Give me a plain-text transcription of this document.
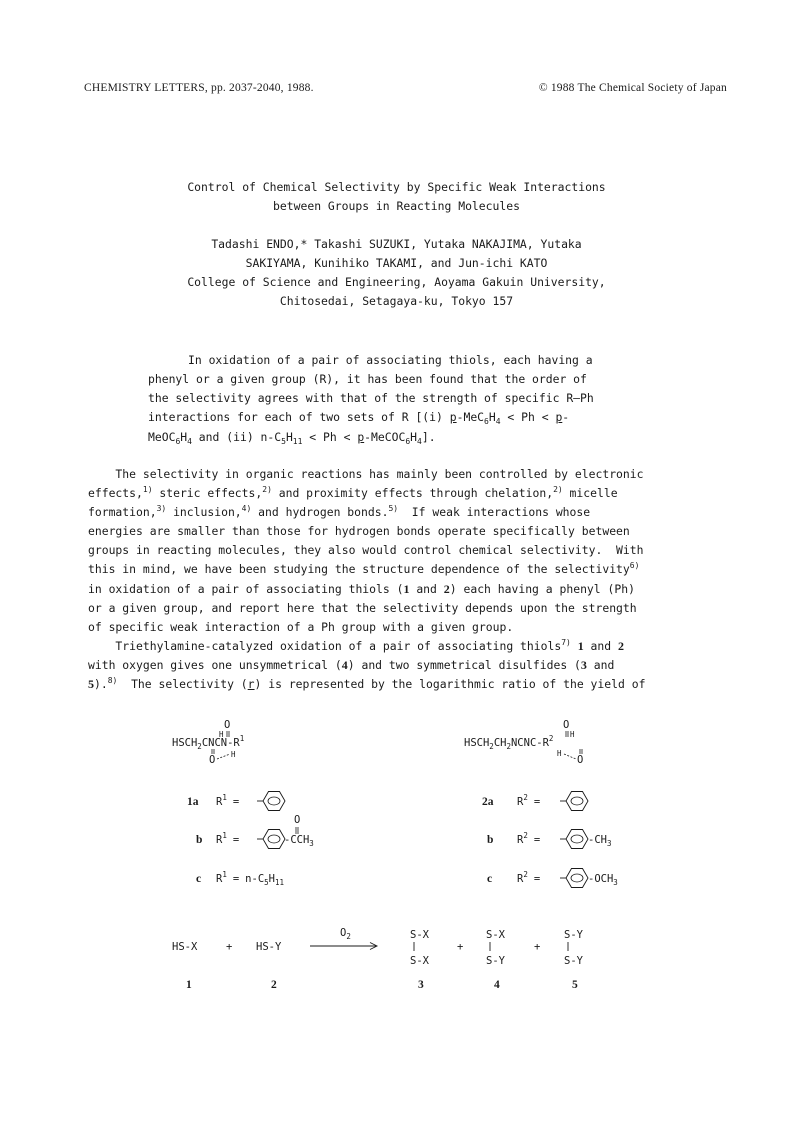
CHEMISTRY LETTERS, pp. 2037-2040, 1988.	© 1988 The Chemical Society of Japan
Control of Chemical Selectivity by Specific Weak Interactions
between Groups in Reacting Molecules
Tadashi ENDO,* Takashi SUZUKI, Yutaka NAKAJIMA, Yutaka
SAKIYAMA, Kunihiko TAKAMI, and Jun-ichi KATO
College of Science and Engineering, Aoyama Gakuin University,
Chitosedai, Setagaya-ku, Tokyo 157
In oxidation of a pair of associating thiols, each having a
phenyl or a given group (R), it has been found that the order of
the selectivity agrees with that of the strength of specific R—Ph
interactions for each of two sets of R [(i) $p-MeC_6H_4 < Ph < p-$
$MeOC_6H_4$ and (ii) $n-C_5H_{11} < Ph$ < $p-MeCOC_6H_4$].
The selectivity in organic reactions has mainly been controlled by electronic
effects,$^{1)}$ steric effects,$^{2)}$ and proximity effects through chelation,$^{2)}$ micelle
formation,$^{3)}$ inclusion,$^{4)}$ and hydrogen bonds.$^{5)}$  If weak interactions whose
energies are smaller than those for hydrogen bonds operate specifically between
groups in reacting molecules, they also would control chemical selectivity.  With
this in mind, we have been studying the structure dependence of the selectivity$^{6)}$
in oxidation of a pair of associating thiols (1 and 2) each having a phenyl (Ph)
or a given group, and report here that the selectivity depends upon the strength
of specific weak interaction of a Ph group with a given group.
Triethylamine-catalyzed oxidation of a pair of associating thiols$^{7)}$ 1 and 2
with oxygen gives one unsymmetrical (4) and two symmetrical disulfides (3 and
5).$^{8)}$  The selectivity (r) is represented by the logarithmic ratio of the yield of
$HSCH_2CNCN-R^1$
O
H
O H
$HSCH_2CH_2NCNC-R^2$
O
H
O
H
1a $R^1$ =
b $R^1$ =	$-CCH_3$
O
c $R^1 = n-C_5H_{11}$
2a $R^2$ =
b $R^2$ =	$-CH_3$
c $R^2$ =	$-OCH_3$
HS-X	+ HS-Y
$O_2$	S-X
S-X
+
S-X
S-Y
+
S-Y
S-Y
1	2	3	4	5
